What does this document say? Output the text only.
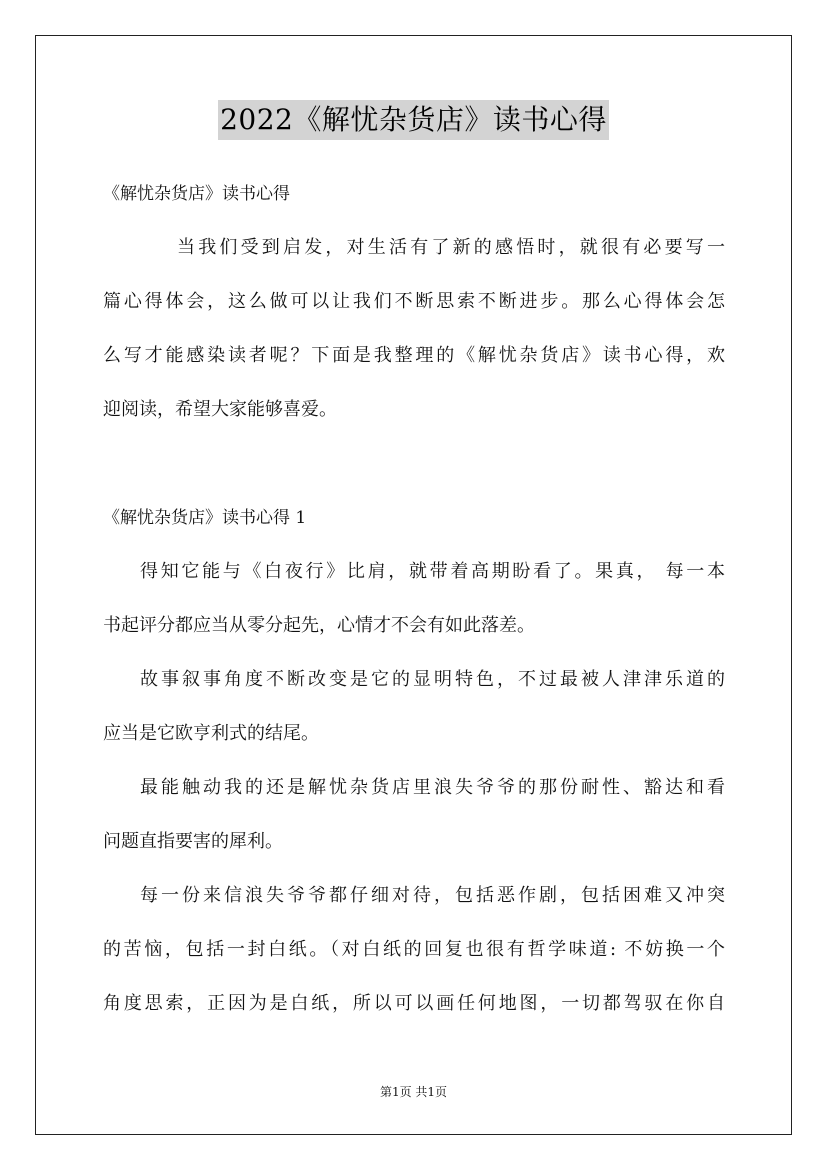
2022《解忧杂货店》读书心得
《解忧杂货店》读书心得
当我们受到启发，对生活有了新的感悟时，就很有必要写一
篇心得体会，这么做可以让我们不断思索不断进步。那么心得体会怎
么写才能感染读者呢？下面是我整理的《解忧杂货店》读书心得，欢
迎阅读，希望大家能够喜爱。
《解忧杂货店》读书心得 1
得知它能与《白夜行》比肩，就带着高期盼看了。果真， 每一本
书起评分都应当从零分起先，心情才不会有如此落差。
故事叙事角度不断改变是它的显明特色，不过最被人津津乐道的
应当是它欧亨利式的结尾。
最能触动我的还是解忧杂货店里浪失爷爷的那份耐性、豁达和看
问题直指要害的犀利。
每一份来信浪失爷爷都仔细对待，包括恶作剧，包括困难又冲突
的苦恼，包括一封白纸。（对白纸的回复也很有哲学味道: 不妨换一个
角度思索，正因为是白纸，所以可以画任何地图，一切都驾驭在你自
第1页 共1页
